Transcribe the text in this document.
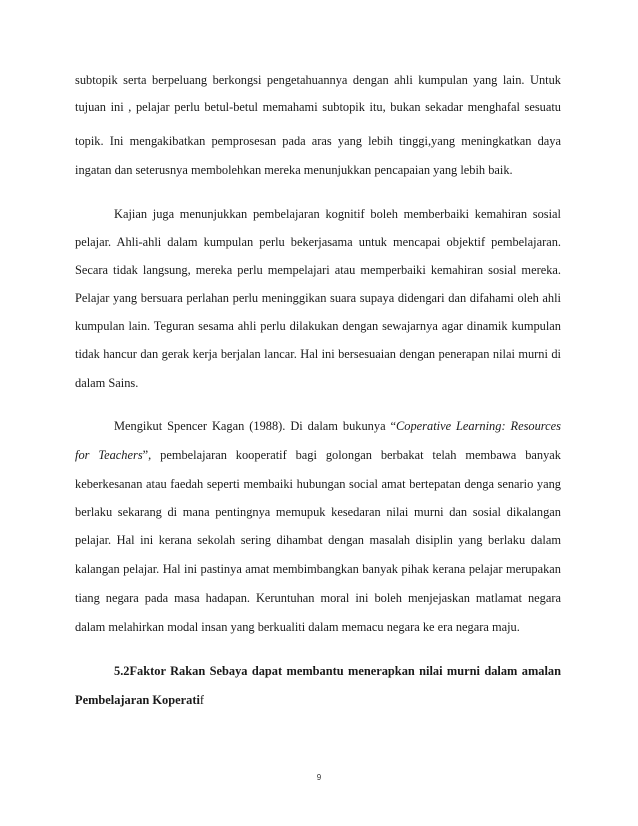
subtopik serta berpeluang berkongsi pengetahuannya dengan ahli kumpulan yang lain. Untuk
tujuan ini , pelajar perlu betul-betul memahami subtopik itu, bukan sekadar menghafal sesuatu
topik. Ini mengakibatkan pemprosesan pada aras yang lebih tinggi,yang meningkatkan daya
ingatan dan seterusnya membolehkan mereka menunjukkan pencapaian yang lebih baik.
Kajian juga menunjukkan pembelajaran kognitif boleh memberbaiki kemahiran sosial
pelajar. Ahli-ahli dalam kumpulan perlu bekerjasama untuk mencapai objektif pembelajaran.
Secara tidak langsung, mereka perlu mempelajari atau memperbaiki kemahiran sosial mereka.
Pelajar yang bersuara perlahan perlu meninggikan suara supaya didengari dan difahami oleh ahli
kumpulan lain. Teguran sesama ahli perlu dilakukan dengan sewajarnya agar dinamik kumpulan
tidak hancur dan gerak kerja berjalan lancar. Hal ini bersesuaian dengan penerapan nilai murni di
dalam Sains.
Mengikut Spencer Kagan (1988). Di dalam bukunya “Coperative Learning: Resources
for Teachers”, pembelajaran kooperatif bagi golongan berbakat telah membawa banyak
keberkesanan atau faedah seperti membaiki hubungan social amat bertepatan denga senario yang
berlaku sekarang di mana pentingnya memupuk kesedaran nilai murni dan sosial dikalangan
pelajar. Hal ini kerana sekolah sering dihambat dengan masalah disiplin yang berlaku dalam
kalangan pelajar. Hal ini pastinya amat membimbangkan banyak pihak kerana pelajar merupakan
tiang negara pada masa hadapan. Keruntuhan moral ini boleh menjejaskan matlamat negara
dalam melahirkan modal insan yang berkualiti dalam memacu negara ke era negara maju.
5.2Faktor Rakan Sebaya dapat membantu menerapkan nilai murni dalam amalan
Pembelajaran Koperatif
9
